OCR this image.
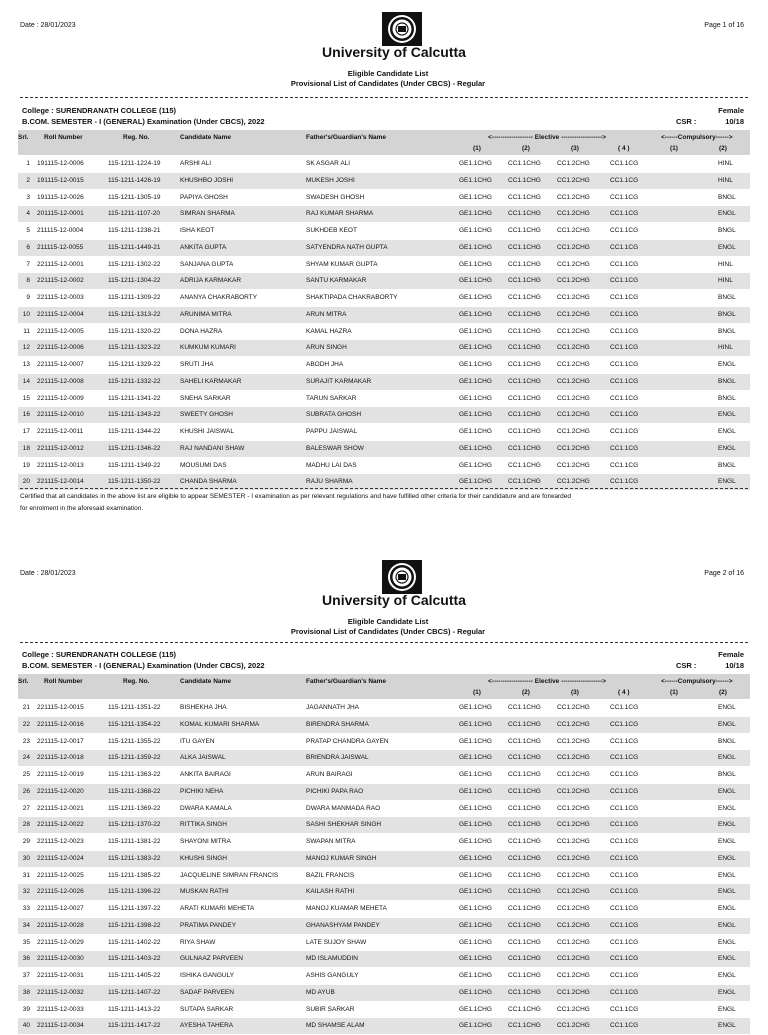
Date : 28/01/2023	Page 1 of 16
University of Calcutta
Eligible Candidate List
Provisional List of Candidates (Under CBCS) - Regular
College : SURENDRANATH COLLEGE (115)
B.COM. SEMESTER - I (GENERAL) Examination (Under CBCS), 2022
Female
CSR :	10/18
Srl. Roll Number	Reg. No.	Candidate Name	Father's/Guardian's Name	<------------------- Elective ------------------->	<------Compulsory------>
(1)	(2)	(3)	( 4 )	(1)	(2)
1 191115-12-0006	115-1211-1224-19	ARSHI ALI	SK ASGAR ALI	GE1.1CHG CC1.1CHG CC1.2CHG	CC1.1CG	HINL
2 191115-12-0015	115-1211-1426-19	KHUSHBO JOSHI	MUKESH JOSHI	GE1.1CHG CC1.1CHG CC1.2CHG	CC1.1CG	HINL
3 191115-12-0026	115-1211-1305-19	PAPIYA GHOSH	SWADESH GHOSH	GE1.1CHG CC1.1CHG CC1.2CHG	CC1.1CG	BNGL
4 201115-12-0001	115-1211-1107-20	SIMRAN SHARMA	RAJ KUMAR SHARMA	GE1.1CHG CC1.1CHG CC1.2CHG	CC1.1CG	ENGL
5 211115-12-0004	115-1211-1238-21	ISHA KEOT	SUKHDEB KEOT	GE1.1CHG CC1.1CHG CC1.2CHG	CC1.1CG	BNGL
6 211115-12-0055	115-1211-1449-21	ANKITA GUPTA	SATYENDRA NATH GUPTA	GE1.1CHG CC1.1CHG CC1.2CHG	CC1.1CG	ENGL
7 221115-12-0001	115-1211-1302-22	SANJANA GUPTA	SHYAM KUMAR GUPTA	GE1.1CHG CC1.1CHG CC1.2CHG	CC1.1CG	HINL
8 221115-12-0002	115-1211-1304-22	ADRIJA KARMAKAR	SANTU KARMAKAR	GE1.1CHG CC1.1CHG CC1.2CHG	CC1.1CG	HINL
9 221115-12-0003	115-1211-1309-22	ANANYA CHAKRABORTY	SHAKTIPADA CHAKRABORTY	GE1.1CHG CC1.1CHG CC1.2CHG	CC1.1CG	BNGL
10 221115-12-0004	115-1211-1313-22	ARUNIMA MITRA	ARUN MITRA	GE1.1CHG CC1.1CHG CC1.2CHG	CC1.1CG	BNGL
11 221115-12-0005	115-1211-1320-22	DONA HAZRA	KAMAL HAZRA	GE1.1CHG CC1.1CHG CC1.2CHG	CC1.1CG	BNGL
12 221115-12-0006	115-1211-1323-22	KUMKUM KUMARI	ARUN SINGH	GE1.1CHG CC1.1CHG CC1.2CHG	CC1.1CG	HINL
13 221115-12-0007	115-1211-1329-22	SRUTI JHA	ABODH JHA	GE1.1CHG CC1.1CHG CC1.2CHG	CC1.1CG	ENGL
14 221115-12-0008	115-1211-1332-22	SAHELI KARMAKAR	SURAJIT KARMAKAR	GE1.1CHG CC1.1CHG CC1.2CHG	CC1.1CG	BNGL
15 221115-12-0009	115-1211-1341-22	SNEHA SARKAR	TARUN SARKAR	GE1.1CHG CC1.1CHG CC1.2CHG	CC1.1CG	BNGL
16 221115-12-0010	115-1211-1343-22	SWEETY GHOSH	SUBRATA GHOSH	GE1.1CHG CC1.1CHG CC1.2CHG	CC1.1CG	ENGL
17 221115-12-0011	115-1211-1344-22	KHUSHI JAISWAL	PAPPU JAISWAL	GE1.1CHG CC1.1CHG CC1.2CHG	CC1.1CG	ENGL
18 221115-12-0012	115-1211-1346-22	RAJ NANDANI SHAW	BALESWAR SHOW	GE1.1CHG CC1.1CHG CC1.2CHG	CC1.1CG	ENGL
19 221115-12-0013	115-1211-1349-22	MOUSUMI DAS	MADHU LAI DAS	GE1.1CHG CC1.1CHG CC1.2CHG	CC1.1CG	BNGL
20 221115-12-0014	115-1211-1350-22	CHANDA SHARMA	RAJU SHARMA	GE1.1CHG CC1.1CHG CC1.2CHG	CC1.1CG	ENGL
Certified that all candidates in the above list are eligible to appear SEMESTER - I examination as per relevant regulations and have fulfilled other criteria for their candidature and are forwarded
for enrolment in the aforesaid examination.
Date : 28/01/2023	Page 2 of 16
University of Calcutta
Eligible Candidate List
Provisional List of Candidates (Under CBCS) - Regular
College : SURENDRANATH COLLEGE (115)
B.COM. SEMESTER - I (GENERAL) Examination (Under CBCS), 2022
Female
CSR :	10/18
Srl. Roll Number	Reg. No.	Candidate Name	Father's/Guardian's Name	<------------------- Elective ------------------->	<------Compulsory------>
(1)	(2)	(3)	( 4 )	(1)	(2)
21 221115-12-0015	115-1211-1351-22	BISHEKHA JHA	JAGANNATH JHA	GE1.1CHG CC1.1CHG CC1.2CHG	CC1.1CG	ENGL
22 221115-12-0016	115-1211-1354-22	KOMAL KUMARI SHARMA	BIRENDRA SHARMA	GE1.1CHG CC1.1CHG CC1.2CHG	CC1.1CG	ENGL
23 221115-12-0017	115-1211-1355-22	ITU GAYEN	PRATAP CHANDRA GAYEN	GE1.1CHG CC1.1CHG CC1.2CHG	CC1.1CG	BNGL
24 221115-12-0018	115-1211-1359-22	ALKA JAISWAL	BRIENDRA JAISWAL	GE1.1CHG CC1.1CHG CC1.2CHG	CC1.1CG	ENGL
25 221115-12-0019	115-1211-1363-22	ANKITA BAIRAGI	ARUN BAIRAGI	GE1.1CHG CC1.1CHG CC1.2CHG	CC1.1CG	BNGL
26 221115-12-0020	115-1211-1368-22	PICHIKI NEHA	PICHIKI PAPA RAO	GE1.1CHG CC1.1CHG CC1.2CHG	CC1.1CG	ENGL
27 221115-12-0021	115-1211-1369-22	DWARA KAMALA	DWARA MANMADA RAO	GE1.1CHG CC1.1CHG CC1.2CHG	CC1.1CG	ENGL
28 221115-12-0022	115-1211-1370-22	RITTIKA SINGH	SASHI SHEKHAR SINGH	GE1.1CHG CC1.1CHG CC1.2CHG	CC1.1CG	ENGL
29 221115-12-0023	115-1211-1381-22	SHAYONI MITRA	SWAPAN MITRA	GE1.1CHG CC1.1CHG CC1.2CHG	CC1.1CG	ENGL
30 221115-12-0024	115-1211-1383-22	KHUSHI SINGH	MANOJ KUMAR SINGH	GE1.1CHG CC1.1CHG CC1.2CHG	CC1.1CG	ENGL
31 221115-12-0025	115-1211-1385-22	JACQUELINE SIMRAN FRANCIS	BAZIL FRANCIS	GE1.1CHG CC1.1CHG CC1.2CHG	CC1.1CG	ENGL
32 221115-12-0026	115-1211-1396-22	MUSKAN RATHI	KAILASH RATHI	GE1.1CHG CC1.1CHG CC1.2CHG	CC1.1CG	ENGL
33 221115-12-0027	115-1211-1397-22	ARATI KUMARI MEHETA	MANOJ KUAMAR MEHETA	GE1.1CHG CC1.1CHG CC1.2CHG	CC1.1CG	ENGL
34 221115-12-0028	115-1211-1398-22	PRATIMA PANDEY	GHANASHYAM PANDEY	GE1.1CHG CC1.1CHG CC1.2CHG	CC1.1CG	ENGL
35 221115-12-0029	115-1211-1402-22	RIYA SHAW	LATE SUJOY SHAW	GE1.1CHG CC1.1CHG CC1.2CHG	CC1.1CG	ENGL
36 221115-12-0030	115-1211-1403-22	GULNAAZ PARVEEN	MD ISLAMUDDIN	GE1.1CHG CC1.1CHG CC1.2CHG	CC1.1CG	ENGL
37 221115-12-0031	115-1211-1405-22	ISHIKA GANGULY	ASHIS GANGULY	GE1.1CHG CC1.1CHG CC1.2CHG	CC1.1CG	ENGL
38 221115-12-0032	115-1211-1407-22	SADAF PARVEEN	MD AYUB	GE1.1CHG CC1.1CHG CC1.2CHG	CC1.1CG	ENGL
39 221115-12-0033	115-1211-1413-22	SUTAPA SARKAR	SUBIR SARKAR	GE1.1CHG CC1.1CHG CC1.2CHG	CC1.1CG	ENGL
40 221115-12-0034	115-1211-1417-22	AYESHA TAHERA	MD SHAMSE ALAM	GE1.1CHG CC1.1CHG CC1.2CHG	CC1.1CG	ENGL
